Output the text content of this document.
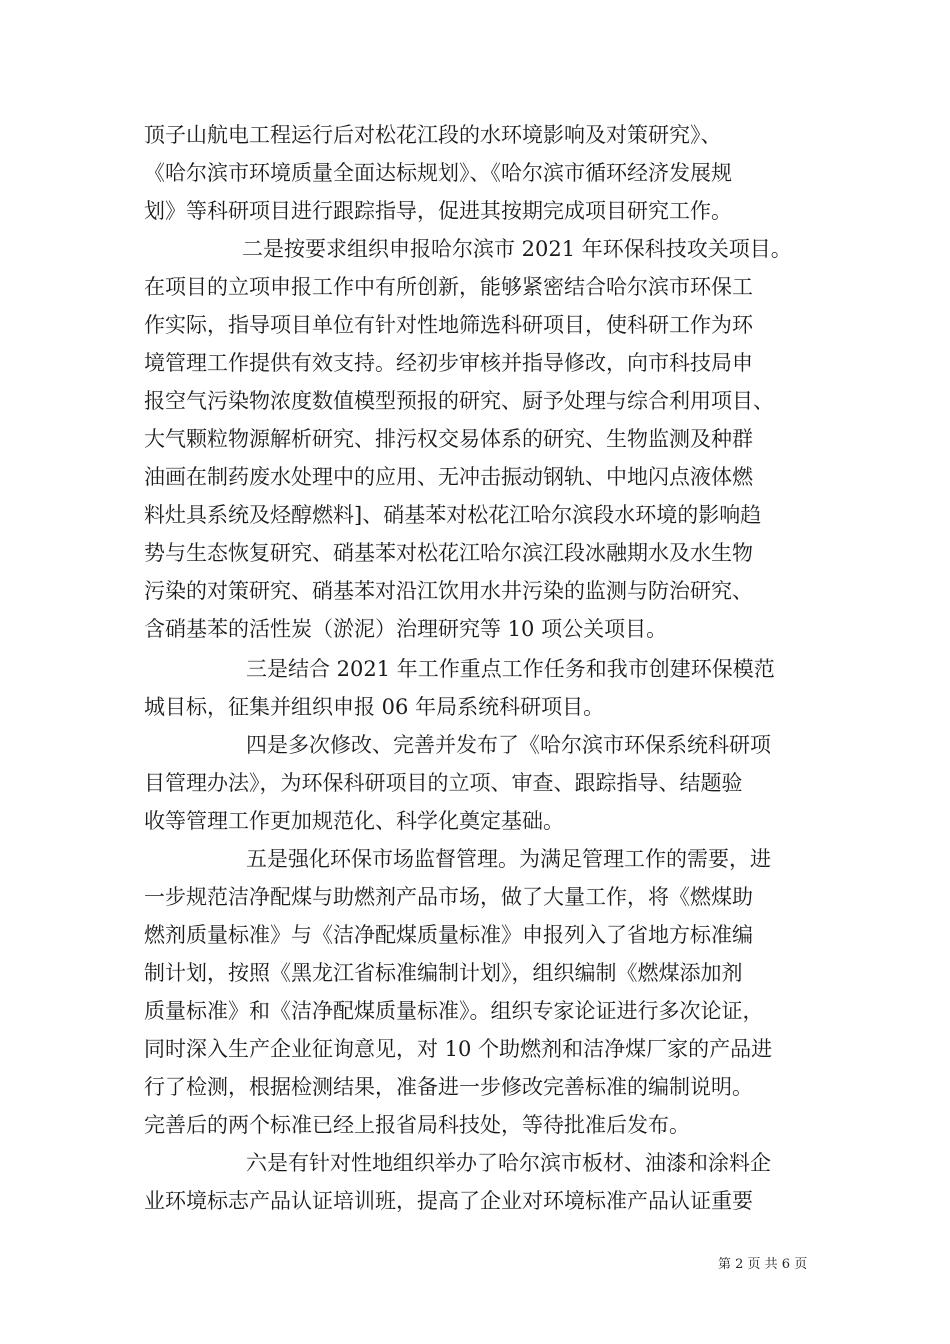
顶子山航电工程运行后对松花江段的水环境影响及对策研究》、
《哈尔滨市环境质量全面达标规划》、《哈尔滨市循环经济发展规
划》等科研项目进行跟踪指导，促进其按期完成项目研究工作。
二是按要求组织申报哈尔滨市 2021 年环保科技攻关项目。
在项目的立项申报工作中有所创新，能够紧密结合哈尔滨市环保工
作实际，指导项目单位有针对性地筛选科研项目，使科研工作为环
境管理工作提供有效支持。经初步审核并指导修改，向市科技局申
报空气污染物浓度数值模型预报的研究、厨予处理与综合利用项目、
大气颗粒物源解析研究、排污权交易体系的研究、生物监测及种群
油画在制药废水处理中的应用、无冲击振动钢轨、中地闪点液体燃
料灶具系统及烃醇燃料]、硝基苯对松花江哈尔滨段水环境的影响趋
势与生态恢复研究、硝基苯对松花江哈尔滨江段冰融期水及水生物
污染的对策研究、硝基苯对沿江饮用水井污染的监测与防治研究、
含硝基苯的活性炭（淤泥）治理研究等 10 项公关项目。
三是结合 2021 年工作重点工作任务和我市创建环保模范
城目标，征集并组织申报 06 年局系统科研项目。
四是多次修改、完善并发布了《哈尔滨市环保系统科研项
目管理办法》，为环保科研项目的立项、审查、跟踪指导、结题验
收等管理工作更加规范化、科学化奠定基础。
五是强化环保市场监督管理。为满足管理工作的需要，进
一步规范洁净配煤与助燃剂产品市场，做了大量工作，将《燃煤助
燃剂质量标准》与《洁净配煤质量标准》申报列入了省地方标准编
制计划，按照《黑龙江省标准编制计划》，组织编制《燃煤添加剂
质量标准》和《洁净配煤质量标准》。组织专家论证进行多次论证，
同时深入生产企业征询意见，对 10 个助燃剂和洁净煤厂家的产品进
行了检测，根据检测结果，准备进一步修改完善标准的编制说明。
完善后的两个标准已经上报省局科技处，等待批准后发布。
六是有针对性地组织举办了哈尔滨市板材、油漆和涂料企
业环境标志产品认证培训班，提高了企业对环境标准产品认证重要
第 2 页 共 6 页
